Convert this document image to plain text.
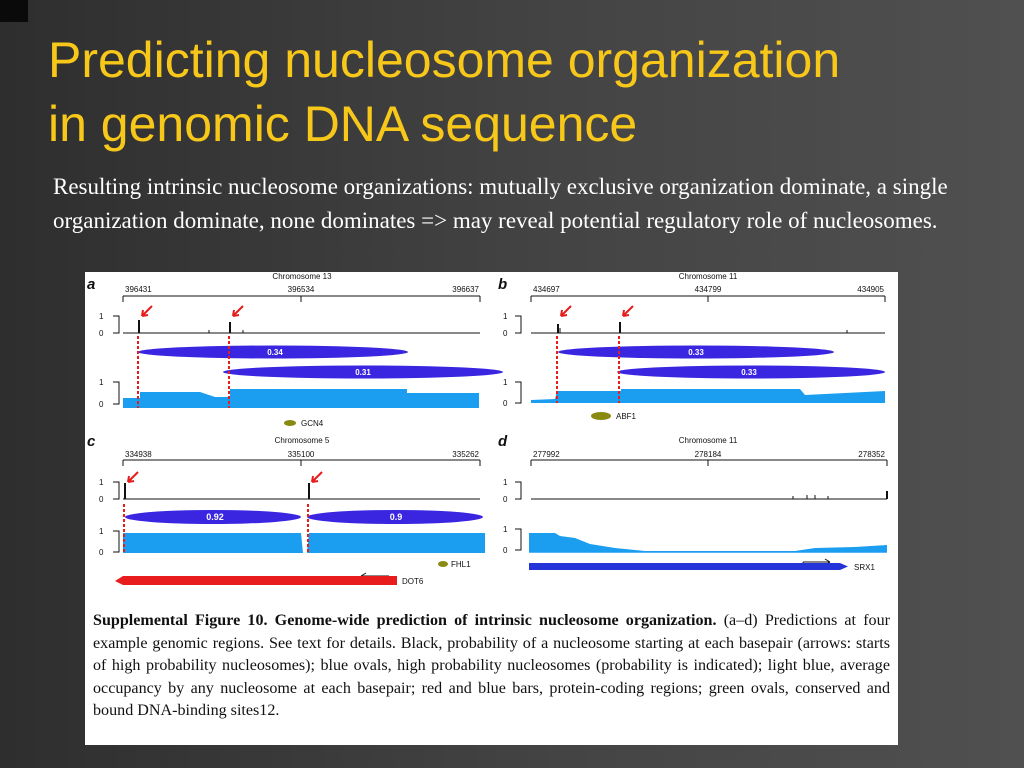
Predicting nucleosome organization
in genomic DNA sequence

Resulting intrinsic nucleosome organizations: mutually exclusive organization dominate, a single organization dominate, none dominates => may reveal potential regulatory role of nucleosomes.

a	Chromosome 13
396431	396534	396637
1
0
0.34
0.31
1
0
GCN4
b	Chromosome 11
434697	434799	434905
1
0
0.33
0.33
1
0
ABF1
c	Chromosome 5
334938	335100	335262
1
0
0.92	0.9
1
0
FHL1
DOT6
d	Chromosome 11
277992	278184	278352
1
0
1
0
SRX1

Supplemental Figure 10. Genome-wide prediction of intrinsic nucleosome organization. (a–d) Predictions at four example genomic regions. See text for details. Black, probability of a nucleosome starting at each basepair (arrows: starts of high probability nucleosomes); blue ovals, high probability nucleosomes (probability is indicated); light blue, average occupancy by any nucleosome at each basepair; red and blue bars, protein-coding regions; green ovals, conserved and bound DNA-binding sites12.
